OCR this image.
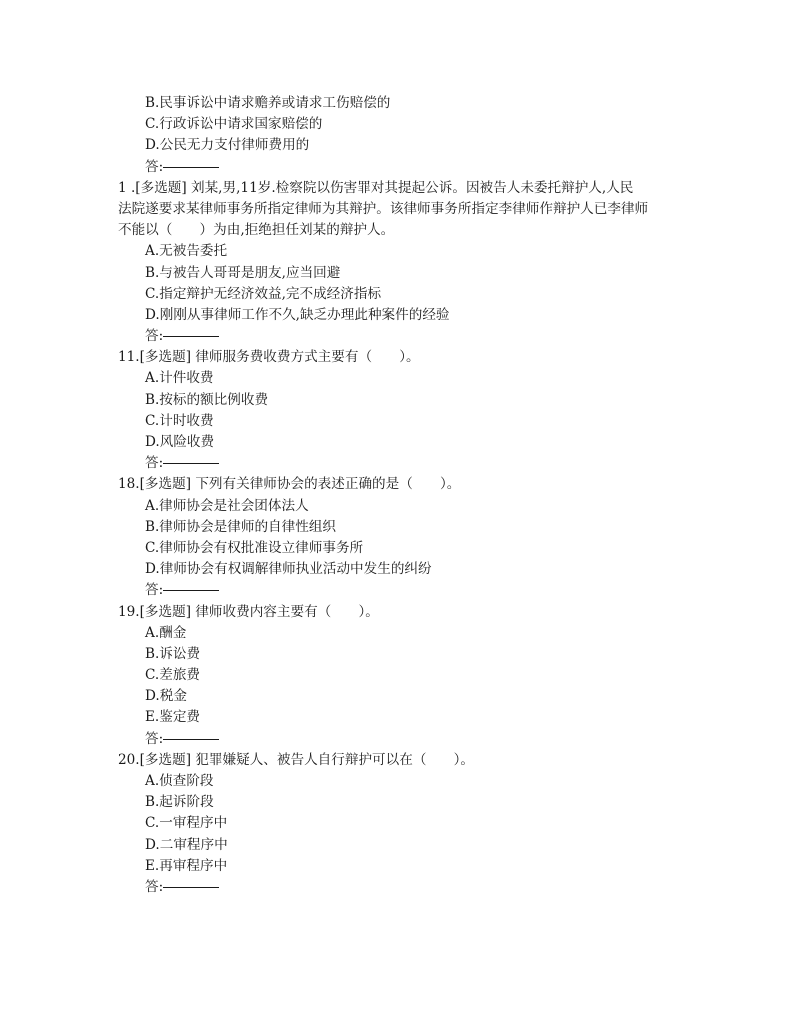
B.民事诉讼中请求赡养或请求工伤赔偿的
C.行政诉讼中请求国家赔偿的
D.公民无力支付律师费用的
答:
1 .[多选题] 刘某,男,11岁.检察院以伤害罪对其提起公诉。因被告人未委托辩护人,人民
法院遂要求某律师事务所指定律师为其辩护。该律师事务所指定李律师作辩护人已李律师
不能以（　　）为由,拒绝担任刘某的辩护人。
A.无被告委托
B.与被告人哥哥是朋友,应当回避
C.指定辩护无经济效益,完不成经济指标
D.刚刚从事律师工作不久,缺乏办理此种案件的经验
答:
11.[多选题] 律师服务费收费方式主要有（　　）。
A.计件收费
B.按标的额比例收费
C.计时收费
D.风险收费
答:
18.[多选题] 下列有关律师协会的表述正确的是（　　）。
A.律师协会是社会团体法人
B.律师协会是律师的自律性组织
C.律师协会有权批准设立律师事务所
D.律师协会有权调解律师执业活动中发生的纠纷
答:
19.[多选题] 律师收费内容主要有（　　）。
A.酬金
B.诉讼费
C.差旅费
D.税金
E.鉴定费
答:
20.[多选题] 犯罪嫌疑人、被告人自行辩护可以在（　　）。
A.侦查阶段
B.起诉阶段
C.一审程序中
D.二审程序中
E.再审程序中
答:
